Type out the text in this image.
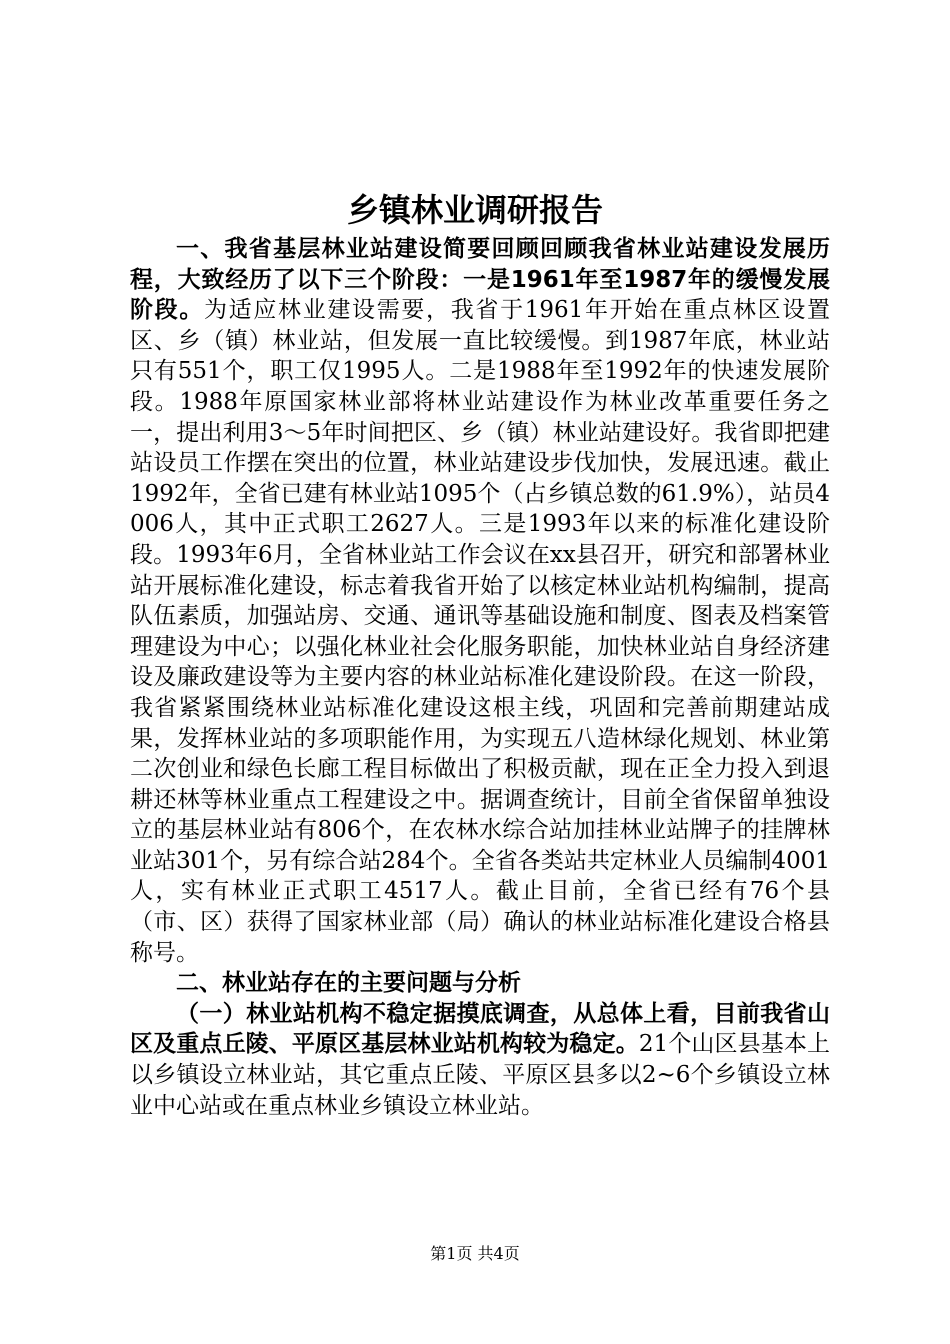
乡镇林业调研报告

一、我省基层林业站建设简要回顾回顾我省林业站建设发展历程，大致经历了以下三个阶段：一是1961年至1987年的缓慢发展阶段。为适应林业建设需要，我省于1961年开始在重点林区设置区、乡（镇）林业站，但发展一直比较缓慢。到1987年底，林业站只有551个，职工仅1995人。二是1988年至1992年的快速发展阶段。1988年原国家林业部将林业站建设作为林业改革重要任务之一，提出利用3～5年时间把区、乡（镇）林业站建设好。我省即把建站设员工作摆在突出的位置，林业站建设步伐加快，发展迅速。截止1992年，全省已建有林业站1095个（占乡镇总数的61.9%），站员4006人，其中正式职工2627人。三是1993年以来的标准化建设阶段。1993年6月，全省林业站工作会议在xx县召开，研究和部署林业站开展标准化建设，标志着我省开始了以核定林业站机构编制，提高队伍素质，加强站房、交通、通讯等基础设施和制度、图表及档案管理建设为中心；以强化林业社会化服务职能，加快林业站自身经济建设及廉政建设等为主要内容的林业站标准化建设阶段。在这一阶段，我省紧紧围绕林业站标准化建设这根主线，巩固和完善前期建站成果，发挥林业站的多项职能作用，为实现五八造林绿化规划、林业第二次创业和绿色长廊工程目标做出了积极贡献，现在正全力投入到退耕还林等林业重点工程建设之中。据调查统计，目前全省保留单独设立的基层林业站有806个，在农林水综合站加挂林业站牌子的挂牌林业站301个，另有综合站284个。全省各类站共定林业人员编制4001人，实有林业正式职工4517人。截止目前，全省已经有76个县（市、区）获得了国家林业部（局）确认的林业站标准化建设合格县称号。

二、林业站存在的主要问题与分析

（一）林业站机构不稳定据摸底调查，从总体上看，目前我省山区及重点丘陵、平原区基层林业站机构较为稳定。21个山区县基本上以乡镇设立林业站，其它重点丘陵、平原区县多以2~6个乡镇设立林业中心站或在重点林业乡镇设立林业站。

第1页 共4页
